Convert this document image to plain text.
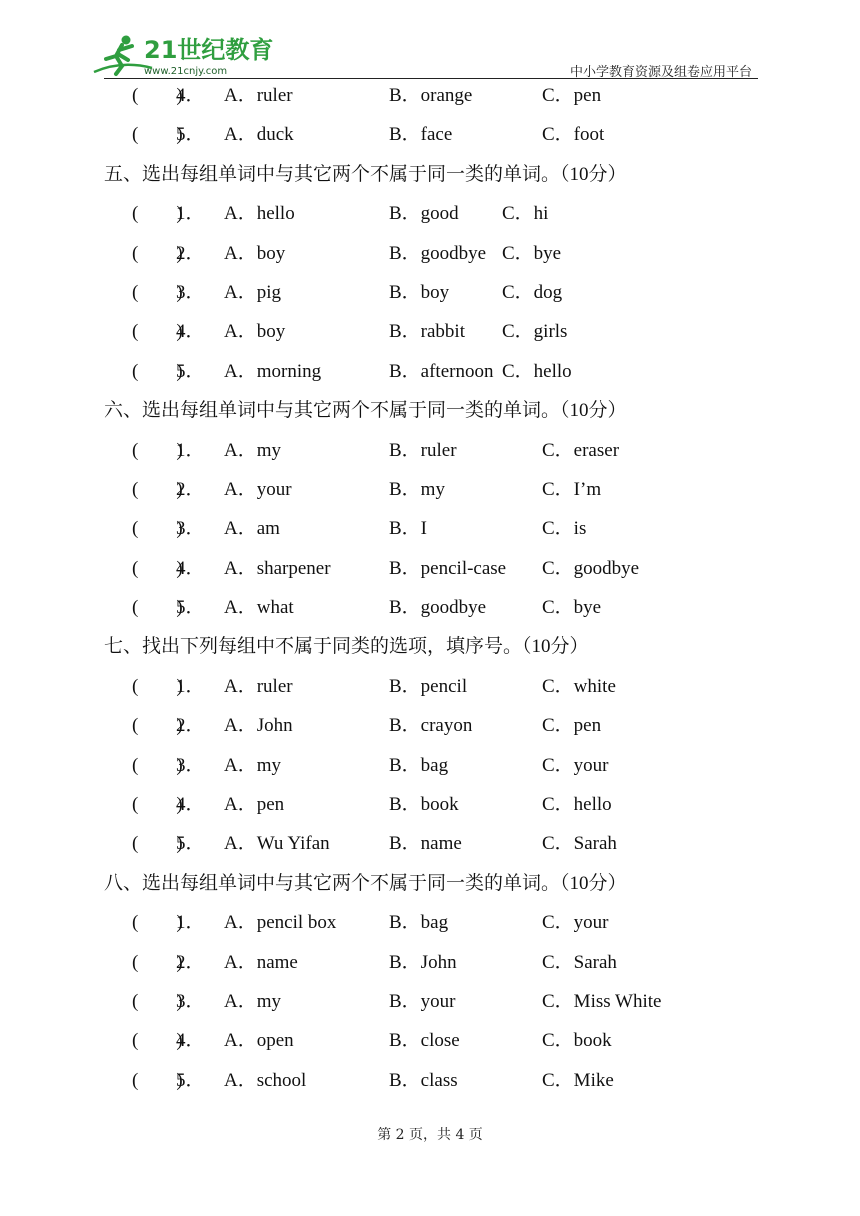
21世纪教育
www.21cnjy.com	中小学教育资源及组卷应用平台
(　　)
4． A．ruler	B．orange	C．pen
(　　)
5． A．duck	B．face	C．foot
五、选出每组单词中与其它两个不属于同一类的单词。（10分）
(　　)
1． A．hello	B．good C．hi
(　　)
2． A．boy	B．goodbye C．bye
(　　)
3． A．pig	B．boy	C．dog
(　　)
4． A．boy	B．rabbit C．girls
(　　)
5． A．morning	B．afternoon C．hello
六、选出每组单词中与其它两个不属于同一类的单词。（10分）
(　　)
1． A．my	B．ruler	C．eraser
(　　)
2． A．your	B．my	C．I’m
(　　)
3． A．am	B．I	C．is
(　　)
4． A．sharpener	B．pencil-case C．goodbye
(　　)
5． A．what	B．goodbye	C．bye
七、找出下列每组中不属于同类的选项，填序号。（10分）
(　　)
1． A．ruler	B．pencil	C．white
(　　)
2． A．John	B．crayon	C．pen
(　　)
3． A．my	B．bag	C．your
(　　)
4． A．pen	B．book	C．hello
(　　)
5． A．Wu Yifan	B．name	C．Sarah
八、选出每组单词中与其它两个不属于同一类的单词。（10分）
(　　)
1． A．pencil box	B．bag	C．your
(　　)
2． A．name	B．John	C．Sarah
(　　)
3． A．my	B．your	C．Miss White
(　　)
4． A．open	B．close	C．book
(　　)
5． A．school	B．class	C．Mike
第 2 页，共 4 页
